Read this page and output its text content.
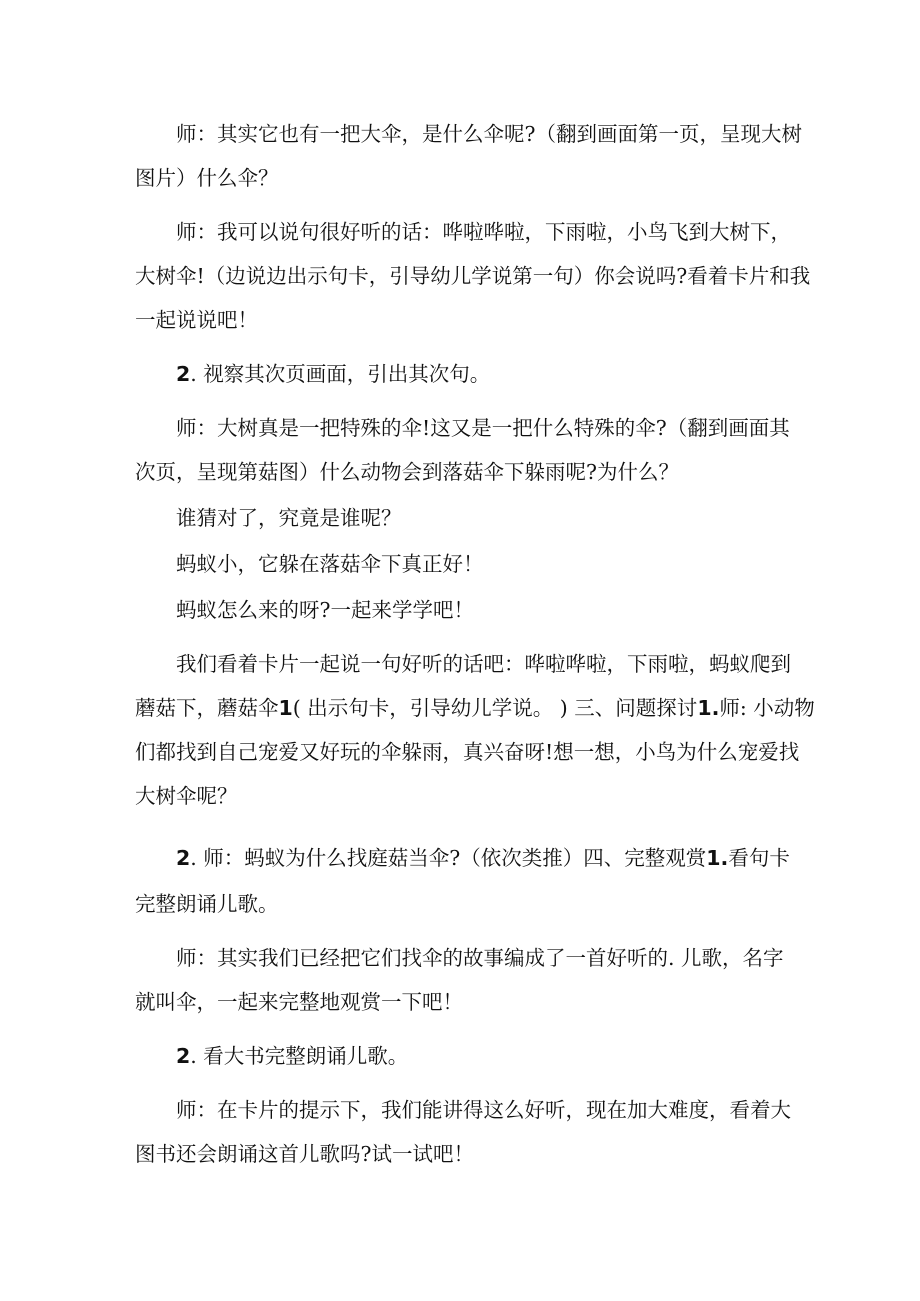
师：其实它也有一把大伞，是什么伞呢?（翻到画面第一页，呈现大树
图片）什么伞？
师：我可以说句很好听的话：哗啦哗啦，下雨啦，小鸟飞到大树下，
大树伞!（边说边出示句卡，引导幼儿学说第一句）你会说吗?看着卡片和我
一起说说吧！
2. 视察其次页画面，引出其次句。
师：大树真是一把特殊的伞!这又是一把什么特殊的伞?（翻到画面其
次页，呈现第菇图）什么动物会到落菇伞下躲雨呢?为什么？
谁猜对了，究竟是谁呢？
蚂蚁小，它躲在落菇伞下真正好！
蚂蚁怎么来的呀?一起来学学吧！
我们看着卡片一起说一句好听的话吧：哗啦哗啦，下雨啦，蚂蚁爬到
蘑菇下，蘑菇伞1( 出示句卡，引导幼儿学说。 ) 三、问题探讨1.师: 小动物
们都找到自己宠爱又好玩的伞躲雨，真兴奋呀!想一想，小鸟为什么宠爱找
大树伞呢？
2. 师：蚂蚁为什么找庭菇当伞?（依次类推）四、完整观赏1.看句卡
完整朗诵儿歌。
师：其实我们已经把它们找伞的故事编成了一首好听的. 儿歌，名字
就叫伞，一起来完整地观赏一下吧！
2. 看大书完整朗诵儿歌。
师：在卡片的提示下，我们能讲得这么好听，现在加大难度，看着大
图书还会朗诵这首儿歌吗?试一试吧！
